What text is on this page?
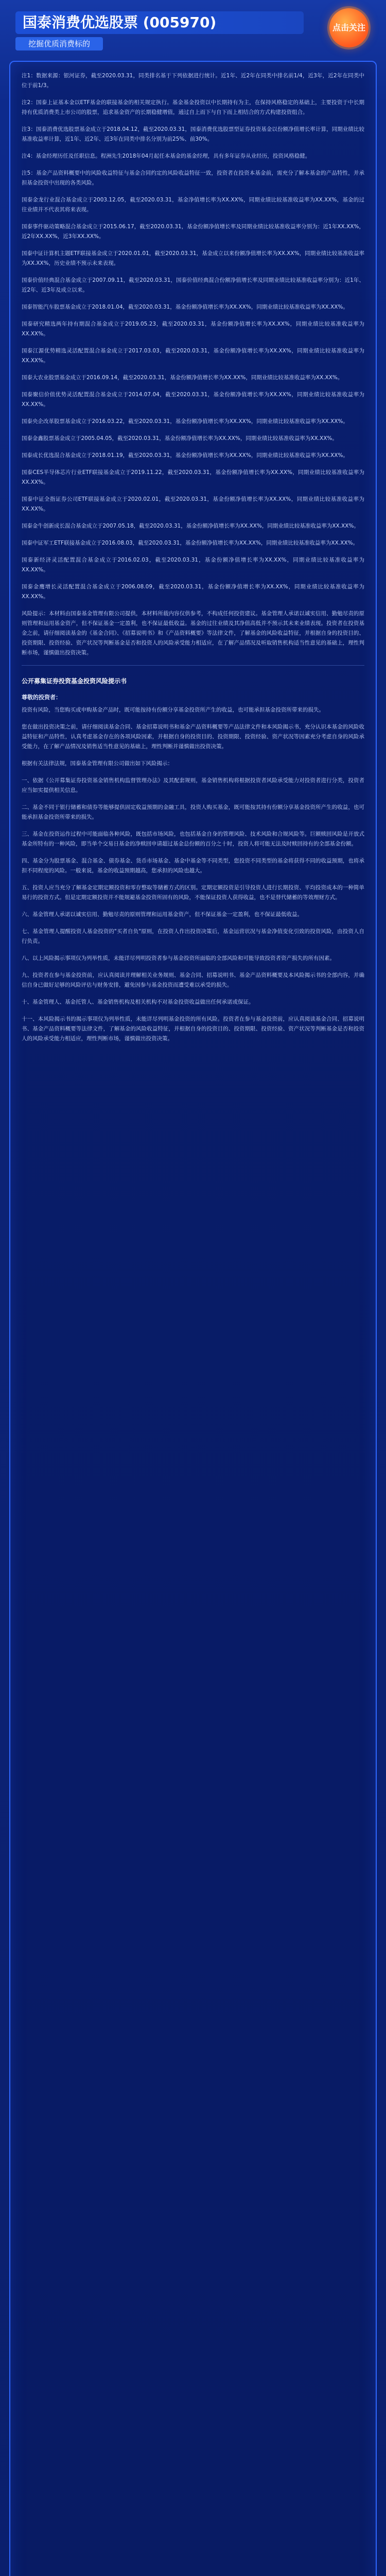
国泰消费优选股票 (005970)
挖掘优质消费标的
点击关注

注1：数据来源：银河证券，截至2020.03.31，同类排名基于下列依据进行统计。近1年、近2年在同类中排名前1/4，近3年，近2年在同类中位于前1/3。

注2：国泰上证基本金以ETF基金的联接基金的相关规定执行。基金基金投资以中长期持有为主，在保持风格稳定的基础上，主要投资于中长期持有优质消费类上市公司的股票，追求基金资产的长期稳健增值，通过自上而下与自下而上相结合的方式构建投资组合。

注3：国泰消费优选股票基金成立于2018.04.12，截至2020.03.31，国泰消费优选股票型证券投资基金以份额净值增长率计算，同期业绩比较基准收益率计算，近1年、近2年、近3年在同类中排名分别为前25%、前30%。

注4：基金经理历任及任职信息。程洲先生2018年04月起任本基金的基金经理，具有多年证券从业经历，投资风格稳健。

注5：基金产品资料概要中的风险收益特征与基金合同约定的风险收益特征一致，投资者在投资本基金前，需充分了解本基金的产品特性，并承担基金投资中出现的各类风险。

国泰金龙行业混合基金成立于2003.12.05，截至2020.03.31，基金净值增长率为XX.XX%，同期业绩比较基准收益率为XX.XX%，基金的过往业绩并不代表其将来表现。

国泰事件驱动策略混合基金成立于2015.06.17，截至2020.03.31，基金份额净值增长率及同期业绩比较基准收益率分别为：近1年XX.XX%，近2年XX.XX%，近3年XX.XX%。

国泰中证计算机主题ETF联接基金成立于2020.01.01，截至2020.03.31，基金成立以来份额净值增长率为XX.XX%，同期业绩比较基准收益率为XX.XX%，历史业绩不预示未来表现。

国泰价值经典混合基金成立于2007.09.11，截至2020.03.31，国泰价值经典混合份额净值增长率及同期业绩比较基准收益率分别为：近1年、近2年、近3年及成立以来。

国泰智能汽车股票基金成立于2018.01.04，截至2020.03.31，基金份额净值增长率为XX.XX%，同期业绩比较基准收益率为XX.XX%。

国泰研究精选两年持有期混合基金成立于2019.05.23，截至2020.03.31，基金份额净值增长率为XX.XX%，同期业绩比较基准收益率为XX.XX%。

国泰江源优势精选灵活配置混合基金成立于2017.03.03，截至2020.03.31，基金份额净值增长率为XX.XX%，同期业绩比较基准收益率为XX.XX%。

国泰大农业股票基金成立于2016.09.14，截至2020.03.31，基金份额净值增长率为XX.XX%，同期业绩比较基准收益率为XX.XX%。

国泰聚信价值优势灵活配置混合基金成立于2014.07.04，截至2020.03.31，基金份额净值增长率为XX.XX%，同期业绩比较基准收益率为XX.XX%。

国泰央企改革股票基金成立于2016.03.22，截至2020.03.31，基金份额净值增长率为XX.XX%，同期业绩比较基准收益率为XX.XX%。

国泰金鑫股票基金成立于2005.04.05，截至2020.03.31，基金份额净值增长率为XX.XX%，同期业绩比较基准收益率为XX.XX%。

国泰成长优选混合基金成立于2018.01.19，截至2020.03.31，基金份额净值增长率为XX.XX%，同期业绩比较基准收益率为XX.XX%。

国泰CES半导体芯片行业ETF联接基金成立于2019.11.22，截至2020.03.31，基金份额净值增长率为XX.XX%，同期业绩比较基准收益率为XX.XX%。

国泰中证全指证券公司ETF联接基金成立于2020.02.01，截至2020.03.31，基金份额净值增长率为XX.XX%，同期业绩比较基准收益率为XX.XX%。

国泰金牛创新成长混合基金成立于2007.05.18，截至2020.03.31，基金份额净值增长率为XX.XX%，同期业绩比较基准收益率为XX.XX%。

国泰中证军工ETF联接基金成立于2016.08.03，截至2020.03.31，基金份额净值增长率为XX.XX%，同期业绩比较基准收益率为XX.XX%。

国泰新经济灵活配置混合基金成立于2016.02.03，截至2020.03.31，基金份额净值增长率为XX.XX%，同期业绩比较基准收益率为XX.XX%。

国泰金鹰增长灵活配置混合基金成立于2006.08.09，截至2020.03.31，基金份额净值增长率为XX.XX%，同期业绩比较基准收益率为XX.XX%。

风险提示：本材料由国泰基金管理有限公司提供，本材料所载内容仅供参考，不构成任何投资建议。基金管理人承诺以诚实信用、勤勉尽责的原则管理和运用基金资产，但不保证基金一定盈利，也不保证最低收益。基金的过往业绩及其净值高低并不预示其未来业绩表现。投资者在投资基金之前，请仔细阅读基金的《基金合同》、《招募说明书》和《产品资料概要》等法律文件，了解基金的风险收益特征，并根据自身的投资目的、投资期限、投资经验、资产状况等判断基金是否和投资人的风险承受能力相适应，在了解产品情况及听取销售机构适当性意见的基础上，理性判断市场，谨慎做出投资决策。

公开募集证券投资基金投资风险提示书
尊敬的投资者：

投资有风险，当您购买或申购基金产品时，既可能按持有份额分享基金投资所产生的收益，也可能承担基金投资所带来的损失。

您在做出投资决策之前，请仔细阅读基金合同、基金招募说明书和基金产品资料概要等产品法律文件和本风险揭示书，充分认识本基金的风险收益特征和产品特性，认真考虑基金存在的各项风险因素，并根据自身的投资目的、投资期限、投资经验、资产状况等因素充分考虑自身的风险承受能力，在了解产品情况及销售适当性意见的基础上，理性判断并谨慎做出投资决策。

根据有关法律法规，国泰基金管理有限公司做出如下风险揭示：

一、依据《公开募集证券投资基金销售机构监督管理办法》及其配套规则，基金销售机构将根据投资者风险承受能力对投资者进行分类，投资者应当如实提供相关信息。

二、基金不同于银行储蓄和债券等能够提供固定收益预期的金融工具，投资人购买基金，既可能按其持有份额分享基金投资所产生的收益，也可能承担基金投资所带来的损失。

三、基金在投资运作过程中可能面临各种风险，既包括市场风险，也包括基金自身的管理风险、技术风险和合规风险等。巨额赎回风险是开放式基金所特有的一种风险，即当单个交易日基金的净赎回申请超过基金总份额的百分之十时，投资人将可能无法及时赎回持有的全部基金份额。

四、基金分为股票基金、混合基金、债券基金、货币市场基金、基金中基金等不同类型，您投资不同类型的基金将获得不同的收益预期，也将承担不同程度的风险。一般来说，基金的收益预期越高，您承担的风险也越大。

五、投资人应当充分了解基金定期定额投资和零存整取等储蓄方式的区别。定期定额投资是引导投资人进行长期投资、平均投资成本的一种简单易行的投资方式。但是定期定额投资并不能规避基金投资所固有的风险，不能保证投资人获得收益，也不是替代储蓄的等效理财方式。

六、基金管理人承诺以诚实信用、勤勉尽责的原则管理和运用基金资产，但不保证基金一定盈利，也不保证最低收益。

七、基金管理人提醒投资人基金投资的"买者自负"原则，在投资人作出投资决策后，基金运营状况与基金净值变化引致的投资风险，由投资人自行负责。

八、以上风险揭示事项仅为列举性质，未能详尽列明投资者参与基金投资所面临的全部风险和可能导致投资者资产损失的所有因素。

九、投资者在参与基金投资前，应认真阅读并理解相关业务规则、基金合同、招募说明书、基金产品资料概要及本风险揭示书的全部内容，并确信自身已做好足够的风险评估与财务安排，避免因参与基金投资而遭受难以承受的损失。

十、基金管理人、基金托管人、基金销售机构及相关机构不对基金投资收益做出任何承诺或保证。

十一、本风险揭示书的揭示事项仅为列举性质，未能详尽列明基金投资的所有风险。投资者在参与基金投资前，应认真阅读基金合同、招募说明书、基金产品资料概要等法律文件，了解基金的风险收益特征，并根据自身的投资目的、投资期限、投资经验、资产状况等判断基金是否和投资人的风险承受能力相适应，理性判断市场，谨慎做出投资决策。
